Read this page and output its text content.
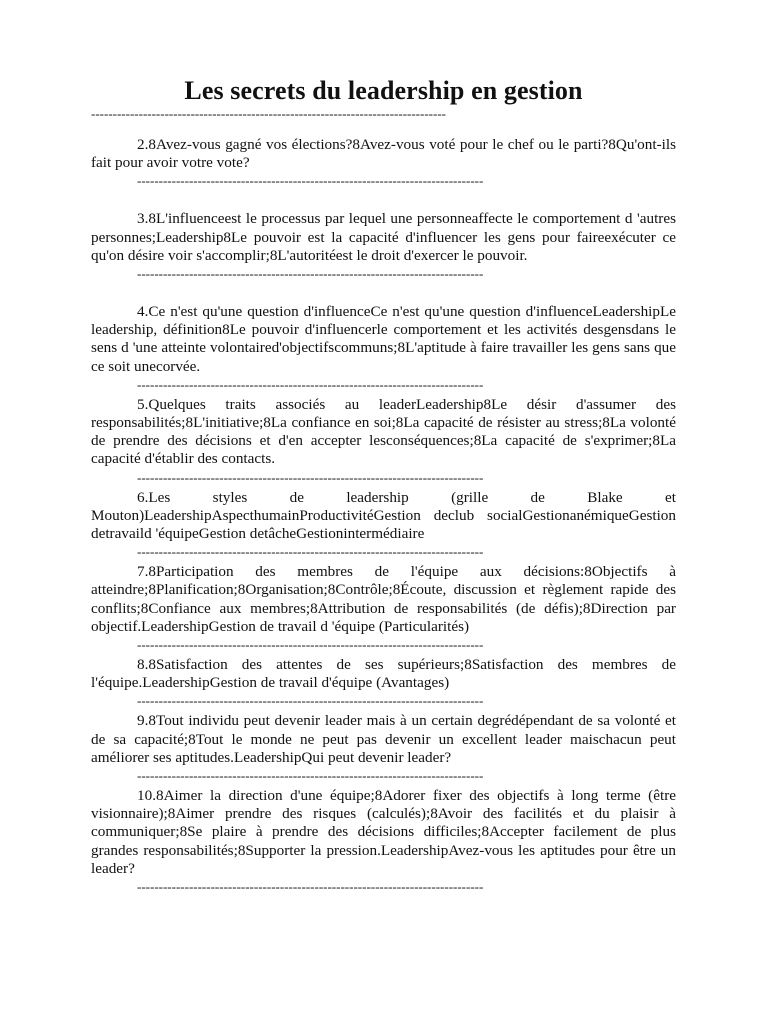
Les secrets du leadership en gestion
----------------------------------------------------------------------------------

2.8Avez-vous gagné vos élections?8Avez-vous voté pour le chef ou le parti?8Qu'ont-ils fait pour avoir votre vote?

--------------------------------------------------------------------------------

3.8L'influenceest le processus par lequel une personneaffecte le comportement d 'autres personnes;Leadership8Le pouvoir est la capacité d'influencer les gens pour faireexécuter ce qu'on désire voir s'accomplir;8L'autoritéest le droit d'exercer le pouvoir.

--------------------------------------------------------------------------------

4.Ce n'est qu'une question d'influenceCe n'est qu'une question d'influenceLeadershipLe leadership, définition8Le pouvoir d'influencerle comportement et les activités desgensdans le sens d 'une atteinte volontaired'objectifscommuns;8L'aptitude à faire travailler les gens sans que ce soit unecorvée.

--------------------------------------------------------------------------------

5.Quelques traits associés au leaderLeadership8Le désir d'assumer des responsabilités;8L'initiative;8La confiance en soi;8La capacité de résister au stress;8La volonté de prendre des décisions et d'en accepter lesconséquences;8La capacité de s'exprimer;8La capacité d'établir des contacts.

--------------------------------------------------------------------------------

6.Les styles de leadership (grille de Blake et Mouton)LeadershipAspecthumainProductivitéGestion declub socialGestionanémiqueGestion detravaild 'équipeGestion detâcheGestionintermédiaire

--------------------------------------------------------------------------------

7.8Participation des membres de l'équipe aux décisions:8Objectifs à atteindre;8Planification;8Organisation;8Contrôle;8Écoute, discussion et règlement rapide des conflits;8Confiance aux membres;8Attribution de responsabilités (de défis);8Direction par objectif.LeadershipGestion de travail d 'équipe (Particularités)

--------------------------------------------------------------------------------

8.8Satisfaction des attentes de ses supérieurs;8Satisfaction des membres de l'équipe.LeadershipGestion de travail d'équipe (Avantages)

--------------------------------------------------------------------------------

9.8Tout individu peut devenir leader mais à un certain degrédépendant de sa volonté et de sa capacité;8Tout le monde ne peut pas devenir un excellent leader maischacun peut améliorer ses aptitudes.LeadershipQui peut devenir leader?

--------------------------------------------------------------------------------

10.8Aimer la direction d'une équipe;8Adorer fixer des objectifs à long terme (être visionnaire);8Aimer prendre des risques (calculés);8Avoir des facilités et du plaisir à communiquer;8Se plaire à prendre des décisions difficiles;8Accepter facilement de plus grandes responsabilités;8Supporter la pression.LeadershipAvez-vous les aptitudes pour être un leader?

--------------------------------------------------------------------------------
